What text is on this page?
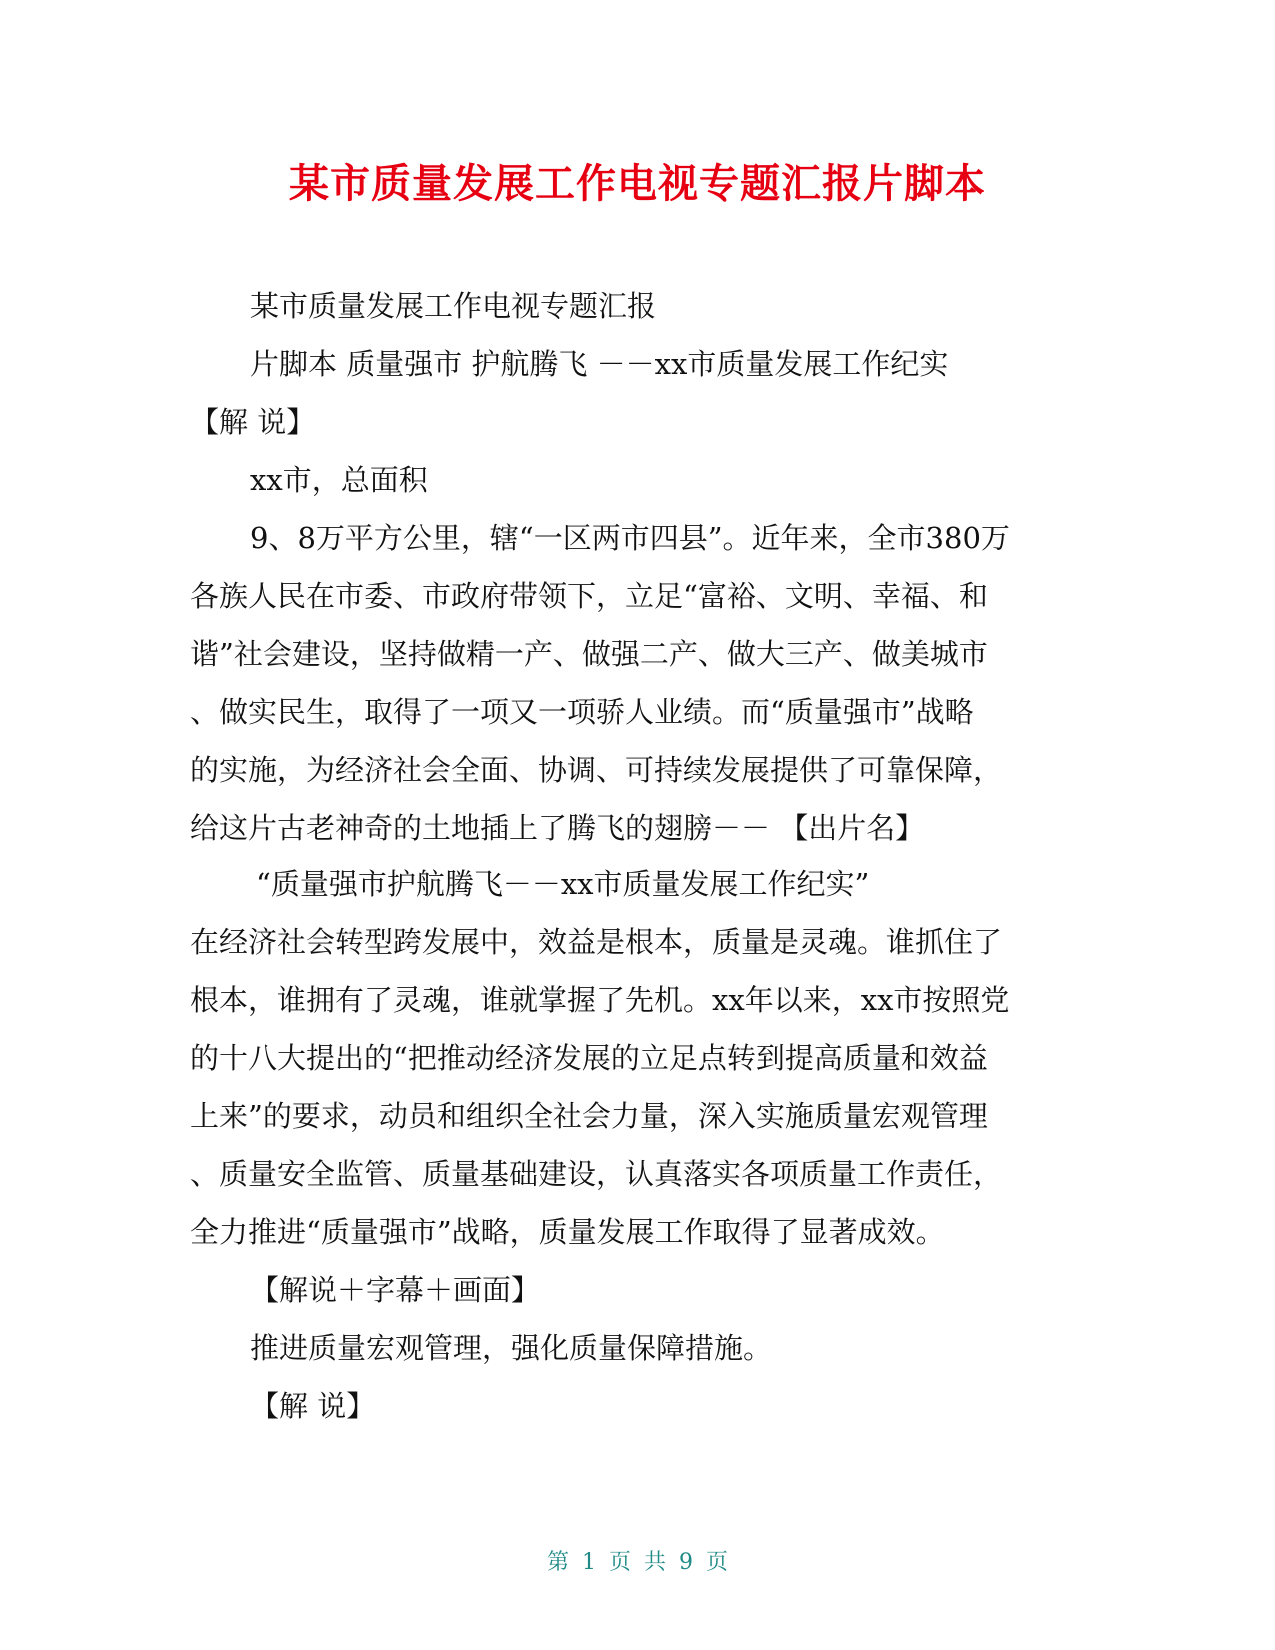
某市质量发展工作电视专题汇报片脚本
某市质量发展工作电视专题汇报
片脚本 质量强市 护航腾飞 －－xx市质量发展工作纪实
【解 说】
xx市，总面积
9、8万平方公里，辖“一区两市四县”。近年来，全市380万
各族人民在市委、市政府带领下，立足“富裕、文明、幸福、和
谐”社会建设，坚持做精一产、做强二产、做大三产、做美城市
、做实民生，取得了一项又一项骄人业绩。而“质量强市”战略
的实施，为经济社会全面、协调、可持续发展提供了可靠保障，
给这片古老神奇的土地插上了腾飞的翅膀－－ 【出片名】
“质量强市护航腾飞－－xx市质量发展工作纪实”
在经济社会转型跨发展中，效益是根本，质量是灵魂。谁抓住了
根本，谁拥有了灵魂，谁就掌握了先机。xx年以来，xx市按照党
的十八大提出的“把推动经济发展的立足点转到提高质量和效益
上来”的要求，动员和组织全社会力量，深入实施质量宏观管理
、质量安全监管、质量基础建设，认真落实各项质量工作责任，
全力推进“质量强市”战略，质量发展工作取得了显著成效。
【解说＋字幕＋画面】
推进质量宏观管理，强化质量保障措施。
【解 说】
第 1 页 共 9 页
